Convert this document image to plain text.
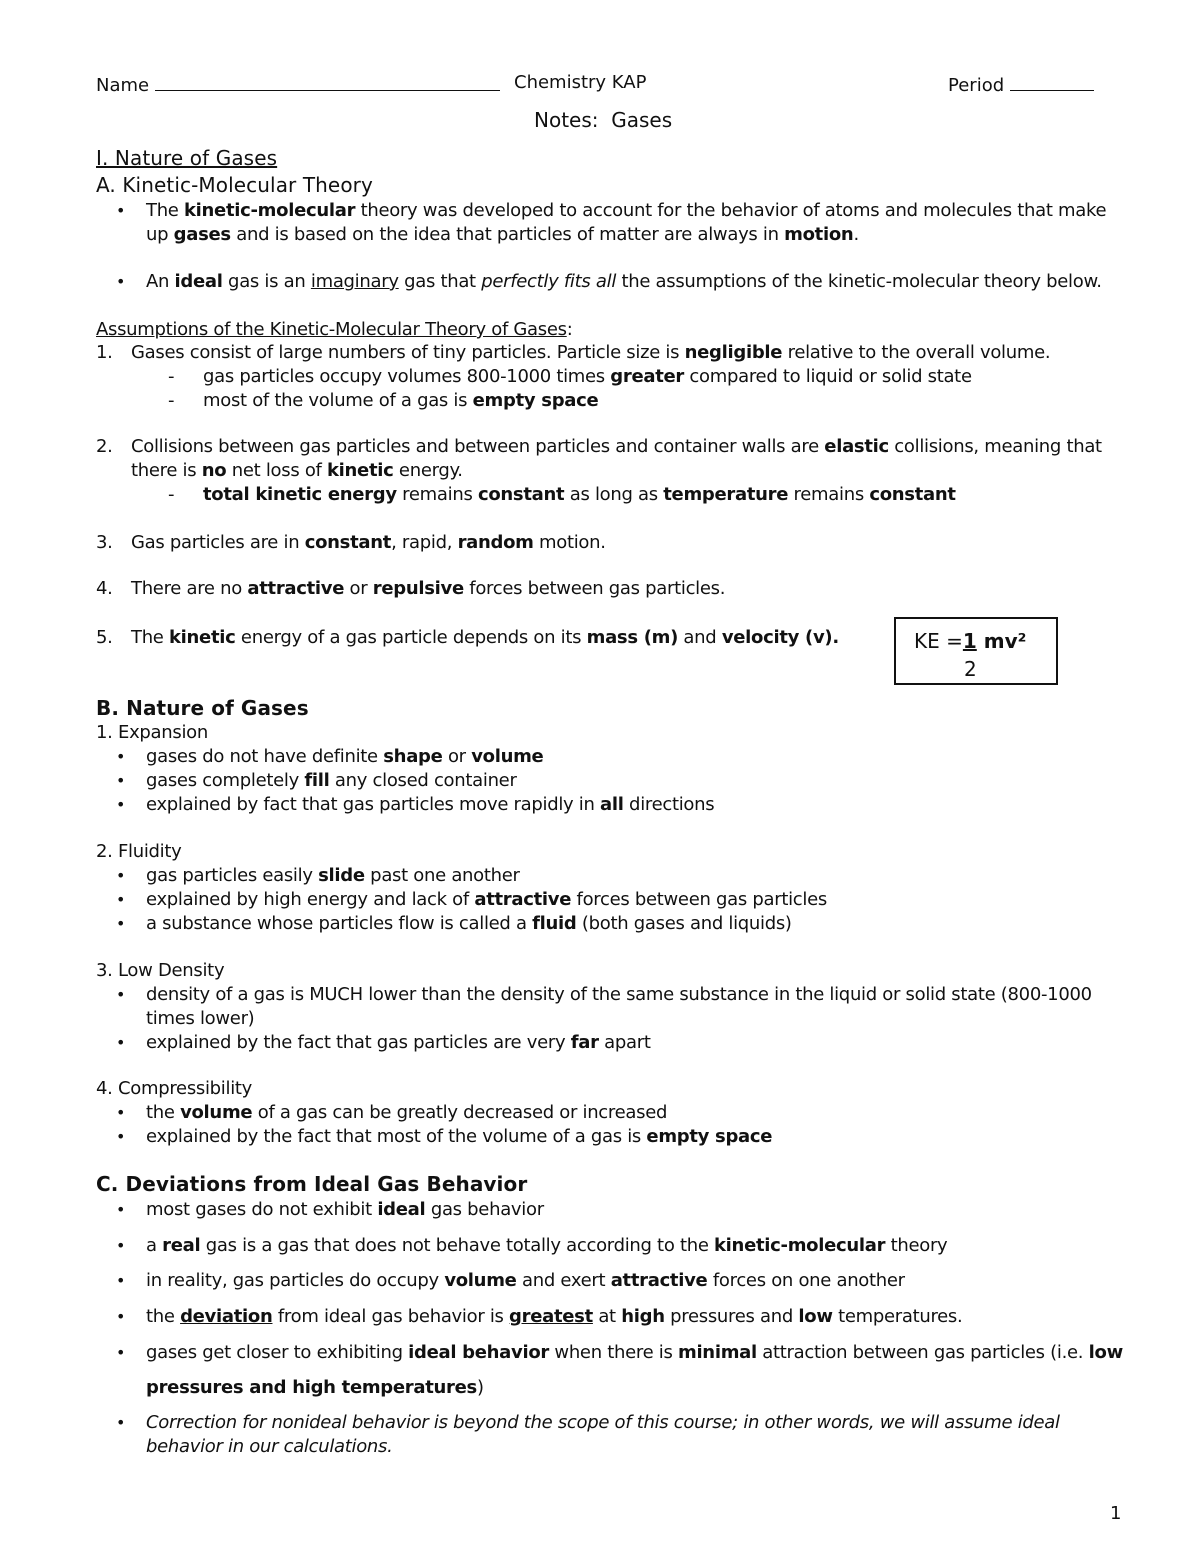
Name	Chemistry KAP	Period
Notes:  Gases
I. Nature of Gases
A. Kinetic-Molecular Theory
• The kinetic-molecular theory was developed to account for the behavior of atoms and molecules that make
up gases and is based on the idea that particles of matter are always in motion.
• An ideal gas is an imaginary gas that perfectly fits all the assumptions of the kinetic-molecular theory below.
Assumptions of the Kinetic-Molecular Theory of Gases:
1. Gases consist of large numbers of tiny particles. Particle size is negligible relative to the overall volume.
- gas particles occupy volumes 800-1000 times greater compared to liquid or solid state
- most of the volume of a gas is empty space
2. Collisions between gas particles and between particles and container walls are elastic collisions, meaning that
there is no net loss of kinetic energy.
- total kinetic energy remains constant as long as temperature remains constant
3. Gas particles are in constant, rapid, random motion.
4. There are no attractive or repulsive forces between gas particles.
5. The kinetic energy of a gas particle depends on its mass (m) and velocity (v).	KE =1 mv²
2
B. Nature of Gases
1. Expansion
• gases do not have definite shape or volume
• gases completely fill any closed container
• explained by fact that gas particles move rapidly in all directions
2. Fluidity
• gas particles easily slide past one another
• explained by high energy and lack of attractive forces between gas particles
• a substance whose particles flow is called a fluid (both gases and liquids)
3. Low Density
• density of a gas is MUCH lower than the density of the same substance in the liquid or solid state (800-1000
times lower)
• explained by the fact that gas particles are very far apart
4. Compressibility
• the volume of a gas can be greatly decreased or increased
• explained by the fact that most of the volume of a gas is empty space
C. Deviations from Ideal Gas Behavior
• most gases do not exhibit ideal gas behavior
• a real gas is a gas that does not behave totally according to the kinetic-molecular theory
• in reality, gas particles do occupy volume and exert attractive forces on one another
• the deviation from ideal gas behavior is greatest at high pressures and low temperatures.
• gases get closer to exhibiting ideal behavior when there is minimal attraction between gas particles (i.e. low
pressures and high temperatures)
• Correction for nonideal behavior is beyond the scope of this course; in other words, we will assume ideal
behavior in our calculations.
1
